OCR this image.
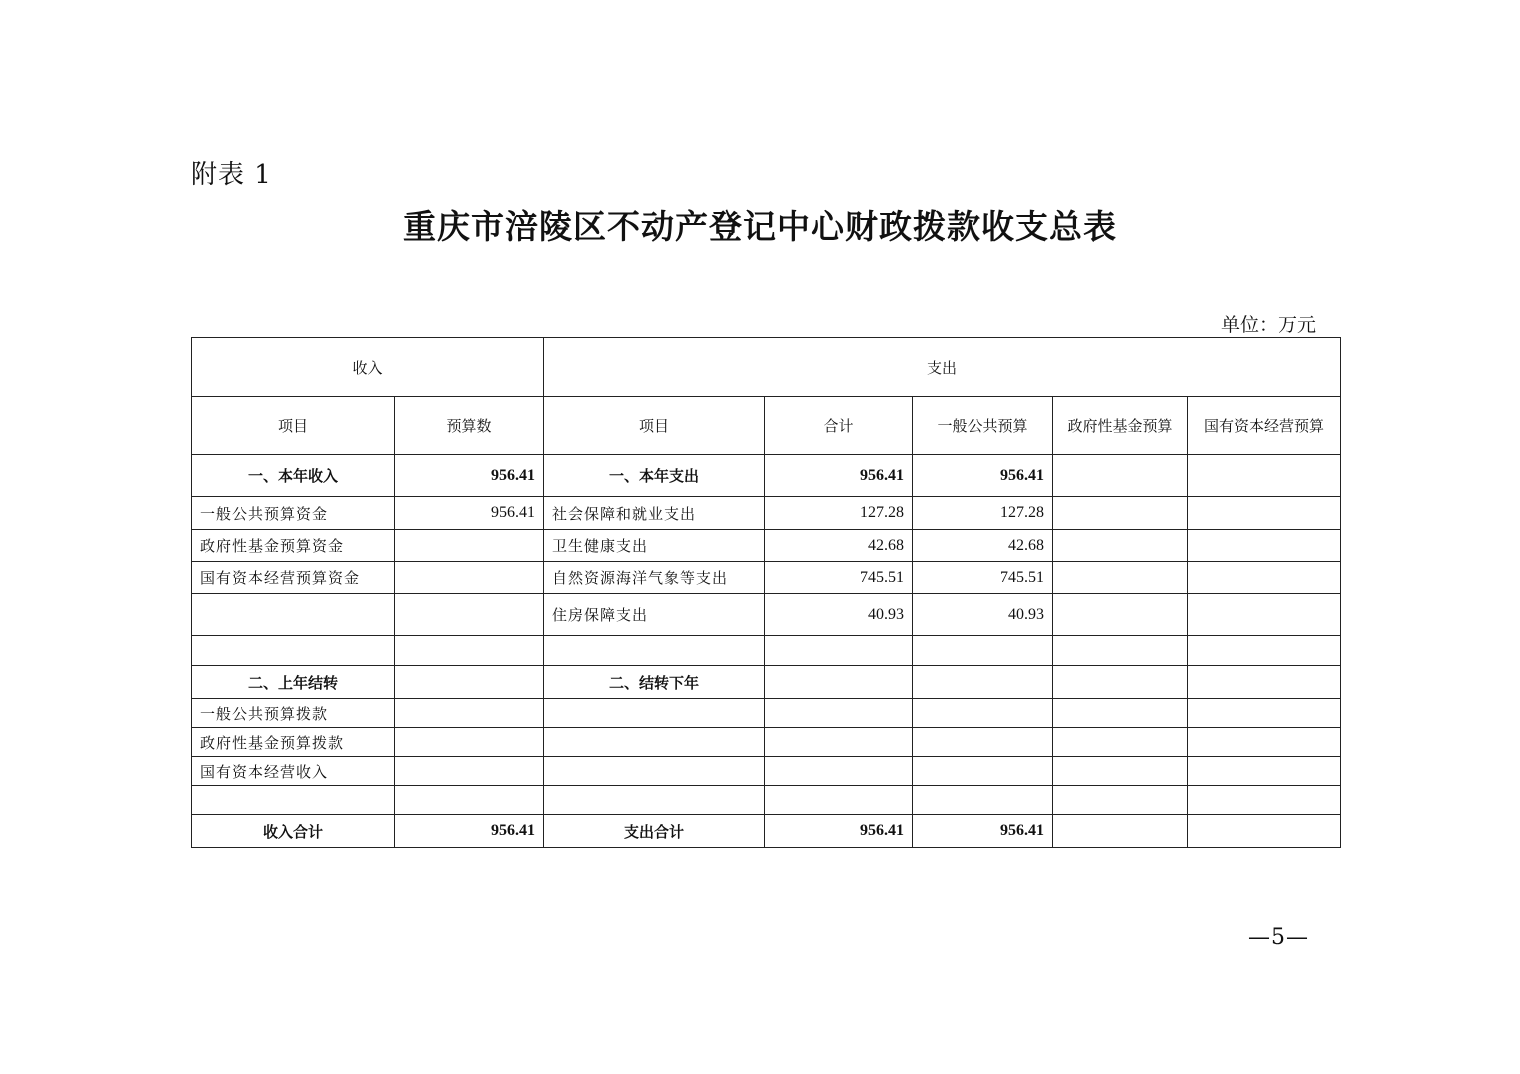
附表 1
重庆市涪陵区不动产登记中心财政拨款收支总表
单位：万元
收入		支出				
项目	预算数	项目	合计	一般公共预算	政府性基金预算	国有资本经营预算
一、本年收入	956.41	一、本年支出	956.41	956.41		
一般公共预算资金	956.41	社会保障和就业支出	127.28	127.28		
政府性基金预算资金		卫生健康支出	42.68	42.68		
国有资本经营预算资金		自然资源海洋气象等支出	745.51	745.51		
		住房保障支出	40.93	40.93		

二、上年结转		二、结转下年				
一般公共预算拨款						
政府性基金预算拨款						
国有资本经营收入						

收入合计	956.41	支出合计	956.41	956.41		
—5—
